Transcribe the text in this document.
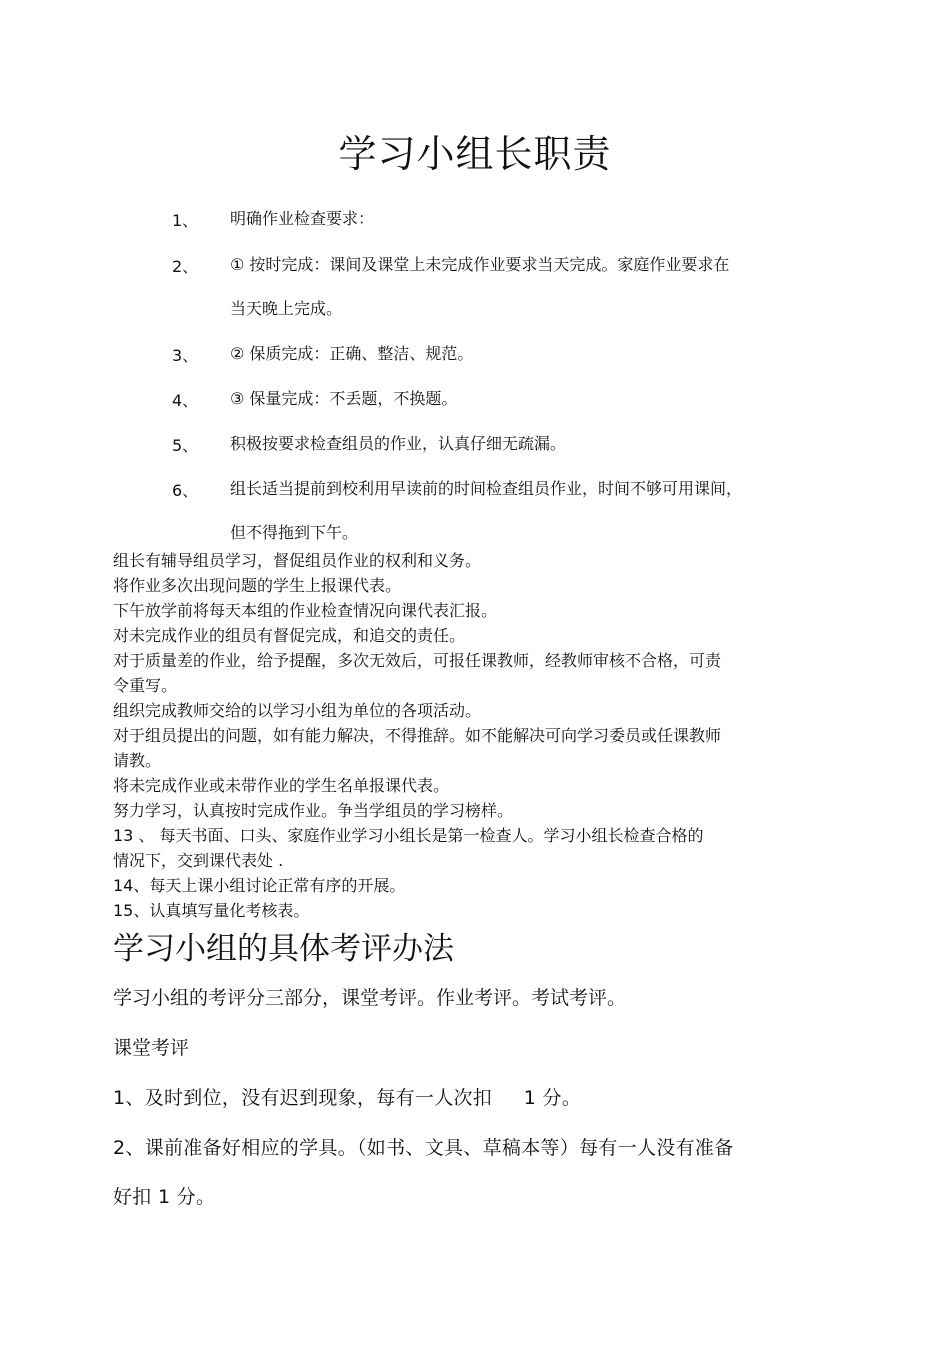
学习小组长职责
1、 明确作业检查要求：
2、 ① 按时完成：课间及课堂上未完成作业要求当天完成。家庭作业要求在
当天晚上完成。
3、 ② 保质完成：正确、整洁、规范。
4、 ③ 保量完成：不丢题，不换题。
5、 积极按要求检查组员的作业，认真仔细无疏漏。
6、 组长适当提前到校利用早读前的时间检查组员作业，时间不够可用课间，
但不得拖到下午。

组长有辅导组员学习，督促组员作业的权利和义务。

将作业多次出现问题的学生上报课代表。

下午放学前将每天本组的作业检查情况向课代表汇报。

对未完成作业的组员有督促完成，和追交的责任。

对于质量差的作业，给予提醒，多次无效后，可报任课教师，经教师审核不合格，可责
令重写。

组织完成教师交给的以学习小组为单位的各项活动。

对于组员提出的问题，如有能力解决，不得推辞。如不能解决可向学习委员或任课教师
请教。

将未完成作业或未带作业的学生名单报课代表。

努力学习，认真按时完成作业。争当学组员的学习榜样。

13 、 每天书面、口头、家庭作业学习小组长是第一检查人。学习小组长检查合格的
情况下，交到课代表处 .

14、每天上课小组讨论正常有序的开展。

15、认真填写量化考核表。

学习小组的具体考评办法
学习小组的考评分三部分，课堂考评。作业考评。考试考评。
课堂考评
1、及时到位，没有迟到现象，每有一人次扣     1 分。
2、课前准备好相应的学具。（如书、文具、草稿本等）每有一人没有准备
好扣 1 分。
